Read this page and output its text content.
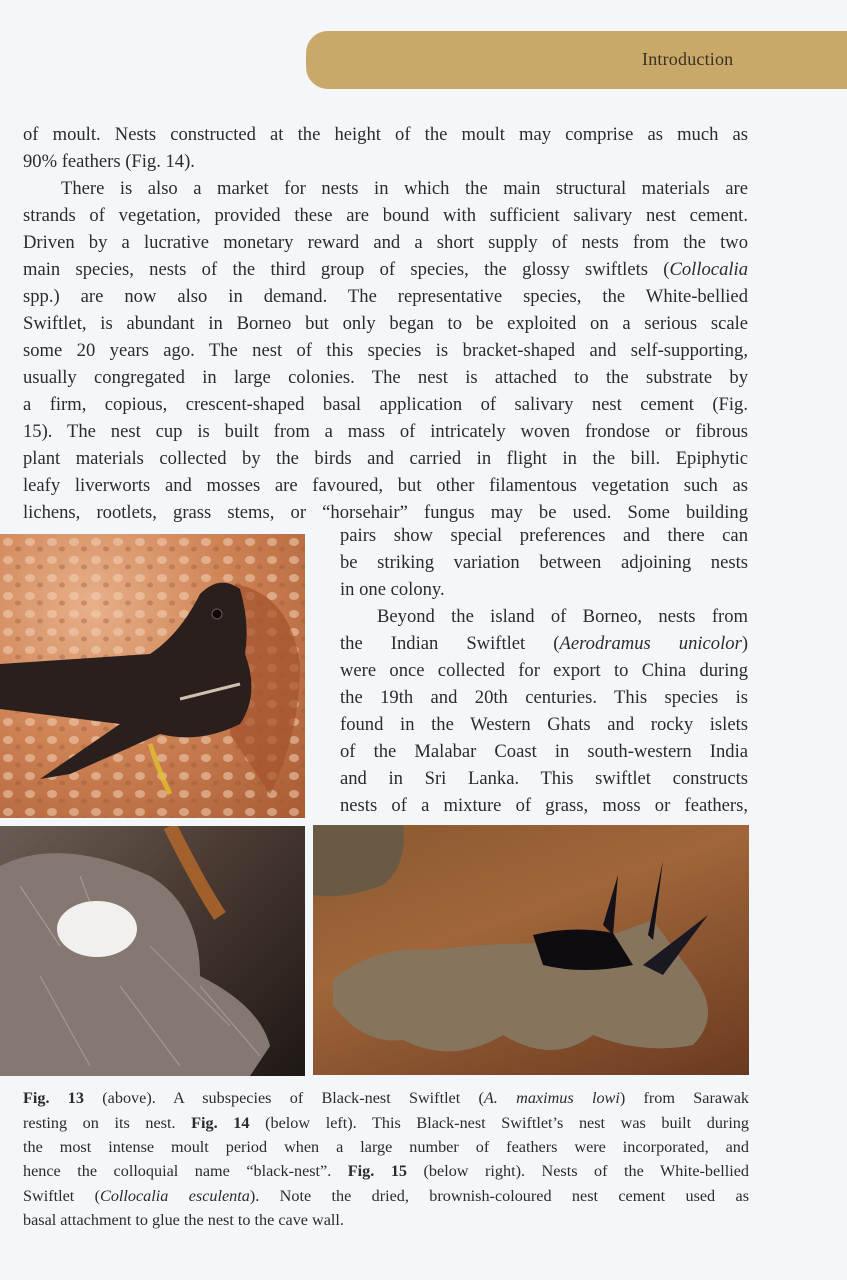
Introduction
of moult. Nests constructed at the height of the moult may comprise as much as
90% feathers (Fig. 14).
There is also a market for nests in which the main structural materials are
strands of vegetation, provided these are bound with sufficient salivary nest cement.
Driven by a lucrative monetary reward and a short supply of nests from the two
main species, nests of the third group of species, the glossy swiftlets (Collocalia
spp.) are now also in demand. The representative species, the White-bellied
Swiftlet, is abundant in Borneo but only began to be exploited on a serious scale
some 20 years ago. The nest of this species is bracket-shaped and self-supporting,
usually congregated in large colonies. The nest is attached to the substrate by
a firm, copious, crescent-shaped basal application of salivary nest cement (Fig.
15). The nest cup is built from a mass of intricately woven frondose or fibrous
plant materials collected by the birds and carried in flight in the bill. Epiphytic
leafy liverworts and mosses are favoured, but other filamentous vegetation such as
lichens, rootlets, grass stems, or “horsehair” fungus may be used. Some building
pairs show special preferences and there can
be striking variation between adjoining nests
in one colony.
Beyond the island of Borneo, nests from
the Indian Swiftlet (Aerodramus unicolor)
were once collected for export to China during
the 19th and 20th centuries. This species is
found in the Western Ghats and rocky islets
of the Malabar Coast in south-western India
and in Sri Lanka. This swiftlet constructs
nests of a mixture of grass, moss or feathers,
Fig. 13 (above). A subspecies of Black-nest Swiftlet (A. maximus lowi) from Sarawak
resting on its nest. Fig. 14 (below left). This Black-nest Swiftlet’s nest was built during
the most intense moult period when a large number of feathers were incorporated, and
hence the colloquial name “black-nest”. Fig. 15 (below right). Nests of the White-bellied
Swiftlet (Collocalia esculenta). Note the dried, brownish-coloured nest cement used as
basal attachment to glue the nest to the cave wall.
